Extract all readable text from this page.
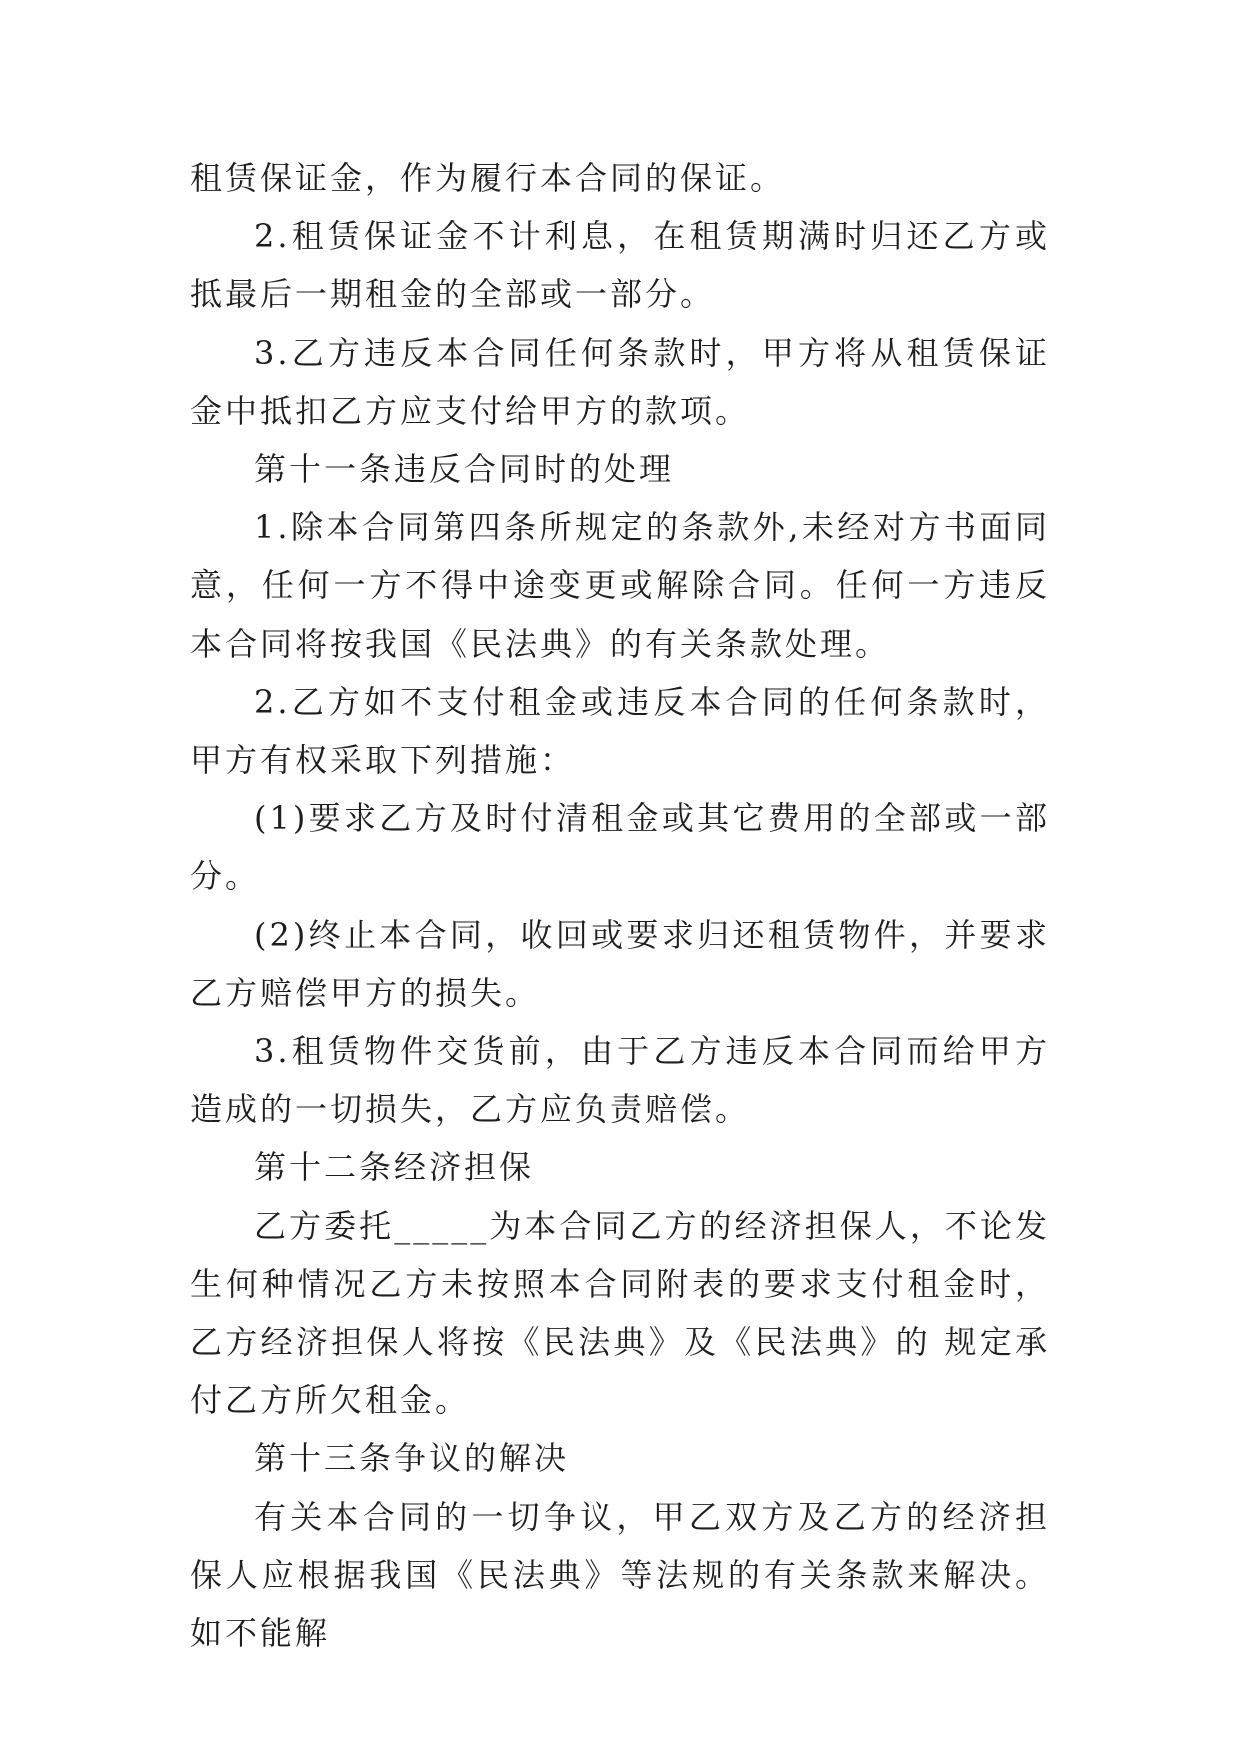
租赁保证金，作为履行本合同的保证。

2.租赁保证金不计利息，在租赁期满时归还乙方或抵最后一期租金的全部或一部分。

3.乙方违反本合同任何条款时，甲方将从租赁保证金中抵扣乙方应支付给甲方的款项。

第十一条违反合同时的处理

1.除本合同第四条所规定的条款外,未经对方书面同意，任何一方不得中途变更或解除合同。任何一方违反本合同将按我国《民法典》的有关条款处理。

2.乙方如不支付租金或违反本合同的任何条款时，甲方有权采取下列措施：

(1)要求乙方及时付清租金或其它费用的全部或一部分。

(2)终止本合同，收回或要求归还租赁物件，并要求乙方赔偿甲方的损失。

3.租赁物件交货前，由于乙方违反本合同而给甲方造成的一切损失，乙方应负责赔偿。

第十二条经济担保

乙方委托_____为本合同乙方的经济担保人，不论发生何种情况乙方未按照本合同附表的要求支付租金时，乙方经济担保人将按《民法典》及《民法典》的 规定承付乙方所欠租金。

第十三条争议的解决

有关本合同的一切争议，甲乙双方及乙方的经济担保人应根据我国《民法典》等法规的有关条款来解决。如不能解
